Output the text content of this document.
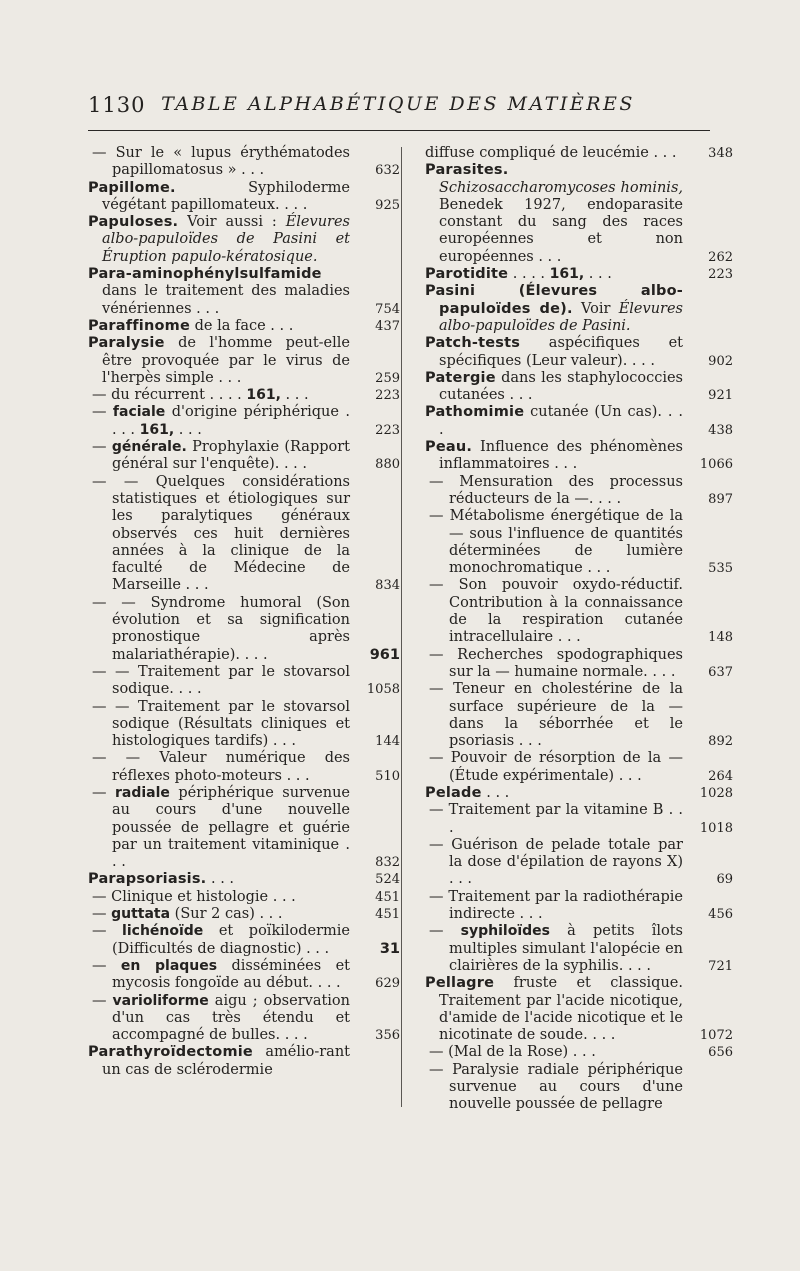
1130 TABLE ALPHABÉTIQUE DES MATIÈRES
— Sur le « lupus érythématodes papillomatosus » . . .	632
Papillome. Syphiloderme végétant papillomateux. . . .	925
Papuloses. Voir aussi : Élevures albo-papuloïdes de Pasini et Éruption papulo-kératosique.
Para-aminophénylsulfamide dans le traitement des maladies vénériennes . . .	754
Paraffinome de la face . . .	437
Paralysie de l'homme peut-elle être provoquée par le virus de l'herpès simple . . .	259
— du récurrent . . . . 161, . . .	223
— faciale d'origine périphérique . . . . 161, . . .	223
— générale. Prophylaxie (Rapport général sur l'enquête). . . .	880
— — Quelques considérations statistiques et étiologiques sur les paralytiques généraux observés ces huit dernières années à la clinique de la faculté de Médecine de Marseille . . .	834
— — Syndrome humoral (Son évolution et sa signification pronostique après malariathérapie). . . .	961
— — Traitement par le stovarsol sodique. . . .	1058
— — Traitement par le stovarsol sodique (Résultats cliniques et histologiques tardifs) . . .	144
— — Valeur numérique des réflexes photo-moteurs . . .	510
— radiale périphérique survenue au cours d'une nouvelle poussée de pellagre et guérie par un traitement vitaminique . . .	832
Parapsoriasis. . . .	524
— Clinique et histologie . . .	451
— guttata (Sur 2 cas) . . .	451
— lichénoïde et poïkilodermie (Difficultés de diagnostic) . . .	31
— en plaques disséminées et mycosis fongoïde au début. . . .	629
— varioliforme aigu ; observation d'un cas très étendu et accompagné de bulles. . . .	356
Parathyroïdectomie amélio-rant un cas de sclérodermie
diffuse compliqué de leucémie . . .	348
Parasites. Schizosaccharomycoses hominis, Benedek 1927, endoparasite constant du sang des races européennes et non européennes . . .	262
Parotidite . . . . 161, . . .	223
Pasini (Élevures albo-papuloïdes de). Voir Élevures albo-papuloïdes de Pasini.
Patch-tests aspécifiques et spécifiques (Leur valeur). . . .	902
Patergie dans les staphylococcies cutanées . . .	921
Pathomimie cutanée (Un cas). . . .	438
Peau. Influence des phénomènes inflammatoires . . .	1066
— Mensuration des processus réducteurs de la —. . . .	897
— Métabolisme énergétique de la — sous l'influence de quantités déterminées de lumière monochromatique . . .	535
— Son pouvoir oxydo-réductif. Contribution à la connaissance de la respiration cutanée intracellulaire . . .	148
— Recherches spodographiques sur la — humaine normale. . . .	637
— Teneur en cholestérine de la surface supérieure de la — dans la séborrhée et le psoriasis . . .	892
— Pouvoir de résorption de la — (Étude expérimentale) . . .	264
Pelade . . .	1028
— Traitement par la vitamine B . . .	1018
— Guérison de pelade totale par la dose d'épilation de rayons X) . . .	69
— Traitement par la radiothérapie indirecte . . .	456
— syphiloïdes à petits îlots multiples simulant l'alopécie en clairières de la syphilis. . . .	721
Pellagre fruste et classique. Traitement par l'acide nicotique, d'amide de l'acide nicotique et le nicotinate de soude. . . .	1072
— (Mal de la Rose) . . .	656
— Paralysie radiale périphérique survenue au cours d'une nouvelle poussée de pellagre
